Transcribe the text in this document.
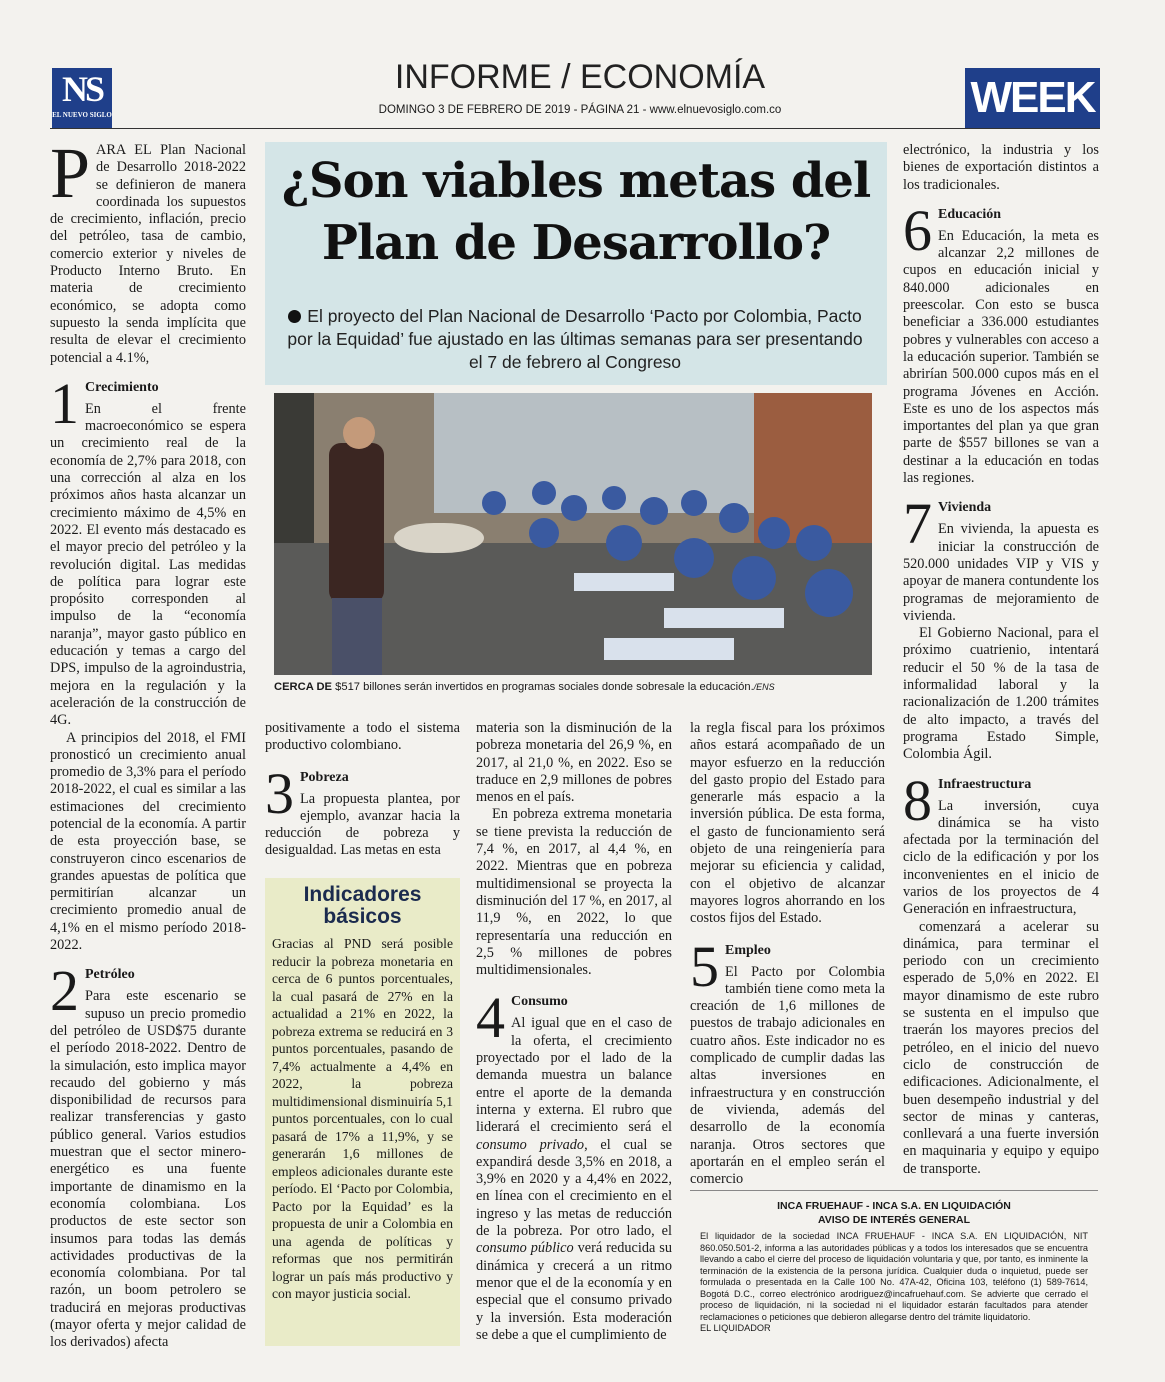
NS
EL NUEVO SIGLO
INFORME / ECONOMÍA
DOMINGO 3 DE FEBRERO DE 2019 - PÁGINA 21 - www.elnuevosiglo.com.co	WEEK
¿Son viables metas del Plan de Desarrollo?
El proyecto del Plan Nacional de Desarrollo ‘Pacto por Colombia, Pacto por la Equidad’ fue ajustado en las últimas semanas para ser presentando el 7 de febrero al Congreso
CERCA DE $517 billones serán invertidos en programas sociales donde sobresale la educación./ENS

PARA EL Plan Nacional de Desarrollo 2018-2022 se definieron de manera coordinada los supuestos de crecimiento, inflación, precio del petróleo, tasa de cambio, comercio exterior y niveles de Producto Interno Bruto. En materia de crecimiento económico, se adopta como supuesto la senda implícita que resulta de elevar el crecimiento potencial a 4.1%,

1 Crecimiento

En el frente macroeconómico se espera un crecimiento real de la economía de 2,7% para 2018, con una corrección al alza en los próximos años hasta alcanzar un crecimiento máximo de 4,5% en 2022. El evento más destacado es el mayor precio del petróleo y la revolución digital. Las medidas de política para lograr este propósito corresponden al impulso de la “economía naranja”, mayor gasto público en educación y temas a cargo del DPS, impulso de la agroindustria, mejora en la regulación y la aceleración de la construcción de 4G.

A principios del 2018, el FMI pronosticó un crecimiento anual promedio de 3,3% para el período 2018-2022, el cual es similar a las estimaciones del crecimiento potencial de la economía. A partir de esta proyección base, se construyeron cinco escenarios de grandes apuestas de política que permitirían alcanzar un crecimiento promedio anual de 4,1% en el mismo período 2018-2022.

2 Petróleo

Para este escenario se supuso un precio promedio del petróleo de USD$75 durante el período 2018-2022. Dentro de la simulación, esto implica mayor recaudo del gobierno y más disponibilidad de recursos para realizar transferencias y gasto público general. Varios estudios muestran que el sector minero-energético es una fuente importante de dinamismo en la economía colombiana. Los productos de este sector son insumos para todas las demás actividades productivas de la economía colombiana. Por tal razón, un boom petrolero se traducirá en mejoras productivas (mayor oferta y mejor calidad de los derivados) afecta

positivamente a todo el sistema productivo colombiano.

3 Pobreza

La propuesta plantea, por ejemplo, avanzar hacia la reducción de pobreza y desigualdad. Las metas en esta

Indicadores básicos

Gracias al PND será posible reducir la pobreza monetaria en cerca de 6 puntos porcentuales, la cual pasará de 27% en la actualidad a 21% en 2022, la pobreza extrema se reducirá en 3 puntos porcentuales, pasando de 7,4% actualmente a 4,4% en 2022, la pobreza multidimensional disminuiría 5,1 puntos porcentuales, con lo cual pasará de 17% a 11,9%, y se generarán 1,6 millones de empleos adicionales durante este período. El ‘Pacto por Colombia, Pacto por la Equidad’ es la propuesta de unir a Colombia en una agenda de políticas y reformas que nos permitirán lograr un país más productivo y con mayor justicia social.

materia son la disminución de la pobreza monetaria del 26,9 %, en 2017, al 21,0 %, en 2022. Eso se traduce en 2,9 millones de pobres menos en el país.

En pobreza extrema monetaria se tiene prevista la reducción de 7,4 %, en 2017, al 4,4 %, en 2022. Mientras que en pobreza multidimensional se proyecta la disminución del 17 %, en 2017, al 11,9 %, en 2022, lo que representaría una reducción en 2,5 % millones de pobres multidimensionales.

4 Consumo

Al igual que en el caso de la oferta, el crecimiento proyectado por el lado de la demanda muestra un balance entre el aporte de la demanda interna y externa. El rubro que liderará el crecimiento será el consumo privado, el cual se expandirá desde 3,5% en 2018, a 3,9% en 2020 y a 4,4% en 2022, en línea con el crecimiento en el ingreso y las metas de reducción de la pobreza. Por otro lado, el consumo público verá reducida su dinámica y crecerá a un ritmo menor que el de la economía y en especial que el consumo privado y la inversión. Esta moderación se debe a que el cumplimiento de

la regla fiscal para los próximos años estará acompañado de un mayor esfuerzo en la reducción del gasto propio del Estado para generarle más espacio a la inversión pública. De esta forma, el gasto de funcionamiento será objeto de una reingeniería para mejorar su eficiencia y calidad, con el objetivo de alcanzar mayores logros ahorrando en los costos fijos del Estado.

5 Empleo

El Pacto por Colombia también tiene como meta la creación de 1,6 millones de puestos de trabajo adicionales en cuatro años. Este indicador no es complicado de cumplir dadas las altas inversiones en infraestructura y en construcción de vivienda, además del desarrollo de la economía naranja. Otros sectores que aportarán en el empleo serán el comercio

electrónico, la industria y los bienes de exportación distintos a los tradicionales.

6 Educación

En Educación, la meta es alcanzar 2,2 millones de cupos en educación inicial y 840.000 adicionales en preescolar. Con esto se busca beneficiar a 336.000 estudiantes pobres y vulnerables con acceso a la educación superior. También se abrirían 500.000 cupos más en el programa Jóvenes en Acción. Este es uno de los aspectos más importantes del plan ya que gran parte de $557 billones se van a destinar a la educación en todas las regiones.

7 Vivienda

En vivienda, la apuesta es iniciar la construcción de 520.000 unidades VIP y VIS y apoyar de manera contundente los programas de mejoramiento de vivienda.

El Gobierno Nacional, para el próximo cuatrienio, intentará reducir el 50 % de la tasa de informalidad laboral y la racionalización de 1.200 trámites de alto impacto, a través del programa Estado Simple, Colombia Ágil.

8 Infraestructura

La inversión, cuya dinámica se ha visto afectada por la terminación del ciclo de la edificación y por los inconvenientes en el inicio de varios de los proyectos de 4 Generación en infraestructura,

comenzará a acelerar su dinámica, para terminar el periodo con un crecimiento esperado de 5,0% en 2022. El mayor dinamismo de este rubro se sustenta en el impulso que traerán los mayores precios del petróleo, en el inicio del nuevo ciclo de construcción de edificaciones. Adicionalmente, el buen desempeño industrial y del sector de minas y canteras, conllevará a una fuerte inversión en maquinaria y equipo y equipo de transporte.

INCA FRUEHAUF - INCA S.A. EN LIQUIDACIÓN
AVISO DE INTERÉS GENERAL
El liquidador de la sociedad INCA FRUEHAUF - INCA S.A. EN LIQUIDACIÓN, NIT 860.050.501-2, informa a las autoridades públicas y a todos los interesados que se encuentra llevando a cabo el cierre del proceso de liquidación voluntaria y que, por tanto, es inminente la terminación de la existencia de la persona jurídica. Cualquier duda o inquietud, puede ser formulada o presentada en la Calle 100 No. 47A-42, Oficina 103, teléfono (1) 589-7614, Bogotá D.C., correo electrónico arodriguez@incafruehauf.com. Se advierte que cerrado el proceso de liquidación, ni la sociedad ni el liquidador estarán facultados para atender reclamaciones o peticiones que debieron allegarse dentro del trámite liquidatorio.
EL LIQUIDADOR
